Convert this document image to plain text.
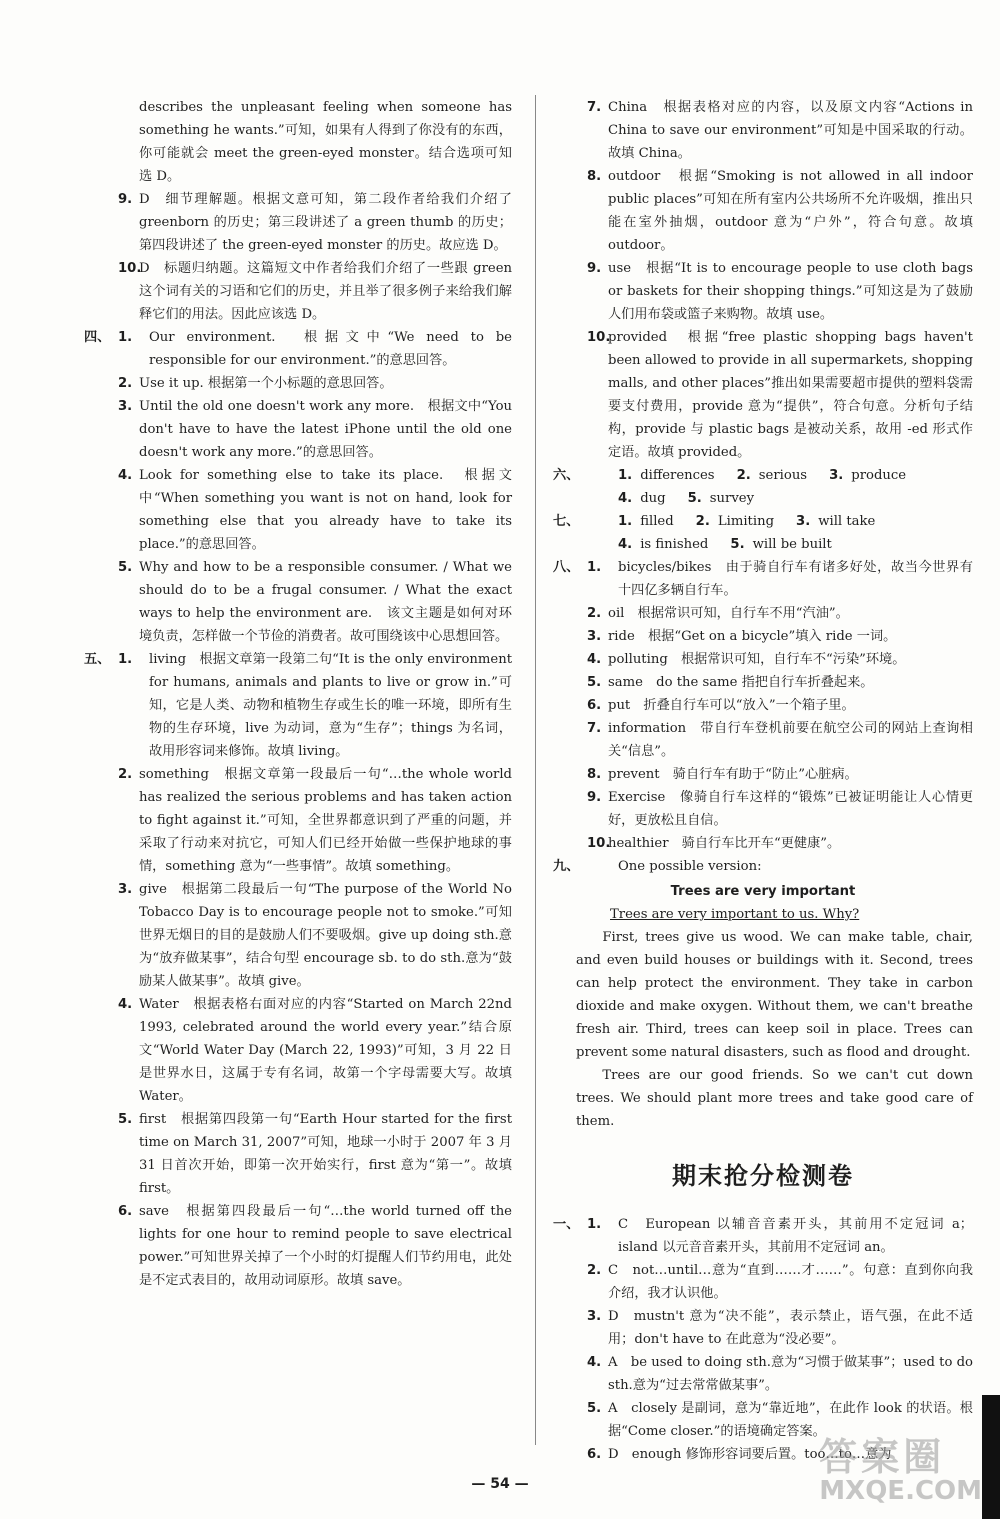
describes the unpleasant feeling when someone has something he wants.”可知，如果有人得到了你没有的东西，你可能就会 meet the green-eyed monster。结合选项可知选 D。
9. D　细节理解题。根据文意可知，第二段作者给我们介绍了 greenborn 的历史；第三段讲述了 a green thumb 的历史；第四段讲述了 the green-eyed monster 的历史。故应选 D。
10.
D　标题归纳题。这篇短文中作者给我们介绍了一些跟 green 这个词有关的习语和它们的历史，并且举了很多例子来给我们解释它们的用法。因此应该选 D。
四、 1. Our environment.　根据文中“We need to be responsible for our environment.”的意思回答。
2. Use it up. 根据第一个小标题的意思回答。
3. Until the old one doesn't work any more.　根据文中“You don't have to have the latest iPhone until the old one doesn't work any more.”的意思回答。
4. Look for something else to take its place.　根据文中“When something you want is not on hand, look for something else that you already have to take its place.”的意思回答。
5. Why and how to be a responsible consumer. / What we should do to be a frugal consumer. / What the exact ways to help the environment are.　该文主题是如何对环境负责，怎样做一个节俭的消费者。故可围绕该中心思想回答。
五、 1. living　根据文章第一段第二句“It is the only environment for humans, animals and plants to live or grow in.”可知，它是人类、动物和植物生存或生长的唯一环境，即所有生物的生存环境，live 为动词，意为“生存”；things 为名词，故用形容词来修饰。故填 living。
2. something　根据文章第一段最后一句“…the whole world has realized the serious problems and has taken action to fight against it.”可知，全世界都意识到了严重的问题，并采取了行动来对抗它，可知人们已经开始做一些保护地球的事情，something 意为“一些事情”。故填 something。
3. give　根据第二段最后一句“The purpose of the World No Tobacco Day is to encourage people not to smoke.”可知世界无烟日的目的是鼓励人们不要吸烟。give up doing sth.意为“放弃做某事”，结合句型 encourage sb. to do sth.意为“鼓励某人做某事”。故填 give。
4. Water　根据表格右面对应的内容“Started on March 22nd 1993, celebrated around the world every year.”结合原文“World Water Day (March 22, 1993)”可知，3 月 22 日是世界水日，这属于专有名词，故第一个字母需要大写。故填 Water。
5. first　根据第四段第一句“Earth Hour started for the first time on March 31, 2007”可知，地球一小时于 2007 年 3 月 31 日首次开始，即第一次开始实行，first 意为“第一”。故填 first。
6. save　根据第四段最后一句“…the world turned off the lights for one hour to remind people to save electrical power.”可知世界关掉了一个小时的灯提醒人们节约用电，此处是不定式表目的，故用动词原形。故填 save。
7. China　根据表格对应的内容，以及原文内容“Actions in China to save our environment”可知是中国采取的行动。故填 China。
8. outdoor　根据“Smoking is not allowed in all indoor public places”可知在所有室内公共场所不允许吸烟，推出只能在室外抽烟，outdoor 意为“户外”，符合句意。故填 outdoor。
9. use　根据“It is to encourage people to use cloth bags or baskets for their shopping things.”可知这是为了鼓励人们用布袋或篮子来购物。故填 use。
10.
provided　根据“free plastic shopping bags haven't been allowed to provide in all supermarkets, shopping malls, and other places”推出如果需要超市提供的塑料袋需要支付费用，provide 意为“提供”，符合句意。分析句子结构，provide 与 plastic bags 是被动关系，故用 -ed 形式作定语。故填 provided。
六、	1. differences 2. serious 3. produce
4. dug 5. survey
七、	1. filled 2. Limiting 3. will take
4. is finished 5. will be built
八、 1. bicycles/bikes　由于骑自行车有诸多好处，故当今世界有十四亿多辆自行车。
2. oil　根据常识可知，自行车不用“汽油”。
3. ride　根据“Get on a bicycle”填入 ride 一词。
4. polluting　根据常识可知，自行车不“污染”环境。
5. same　do the same 指把自行车折叠起来。
6. put　折叠自行车可以“放入”一个箱子里。
7. information　带自行车登机前要在航空公司的网站上查询相关“信息”。
8. prevent　骑自行车有助于“防止”心脏病。
9. Exercise　像骑自行车这样的“锻炼”已被证明能让人心情更好，更放松且自信。
10.
healthier　骑自行车比开车“更健康”。
九、	One possible version:
Trees are very important
Trees are very important to us. Why?
First, trees give us wood. We can make table, chair, and even build houses or buildings with it. Second, trees can help protect the environment. They take in carbon dioxide and make oxygen. Without them, we can't breathe fresh air. Third, trees can keep soil in place. Trees can prevent some natural disasters, such as flood and drought.
Trees are our good friends. So we can't cut down trees. We should plant more trees and take good care of them.
期末抢分检测卷
一、 1. C　European 以辅音音素开头，其前用不定冠词 a；island 以元音音素开头，其前用不定冠词 an。
2. C　not…until…意为“直到……才……”。句意：直到你向我介绍，我才认识他。
3. D　mustn't 意为“决不能”，表示禁止，语气强，在此不适用；don't have to 在此意为“没必要”。
4. A　be used to doing sth.意为“习惯于做某事”；used to do sth.意为“过去常常做某事”。
5. A　closely 是副词，意为“靠近地”，在此作 look 的状语。根据“Come closer.”的语境确定答案。
6. D　enough 修饰形容词要后置。too…to…意为
— 54 —
答案圈
MXQE.COM
